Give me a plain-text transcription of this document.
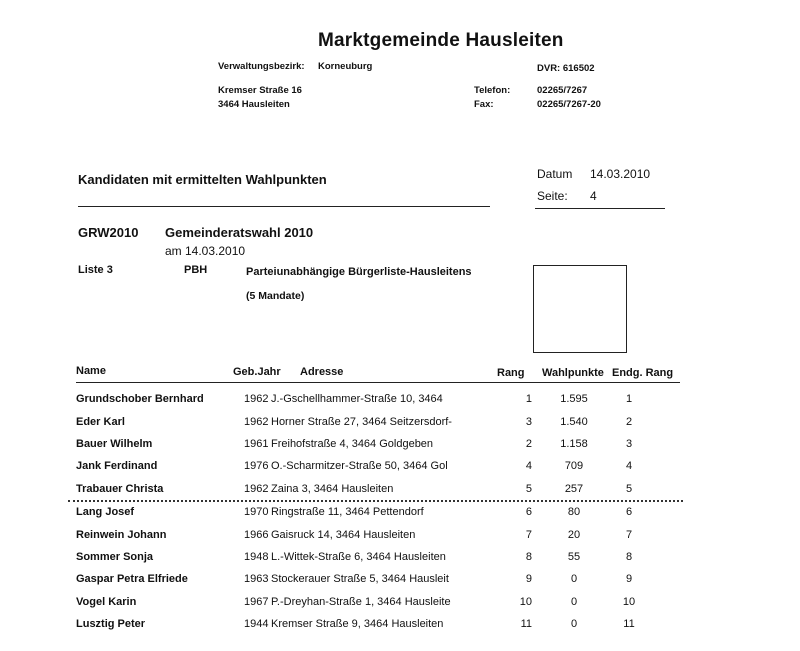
Marktgemeinde Hausleiten
Verwaltungsbezirk: Korneuburg	DVR: 616502
Kremser Straße 16
3464 Hausleiten
Telefon:	02265/7267
Fax:	02265/7267-20
Kandidaten mit ermittelten Wahlpunkten	Datum 14.03.2010
Seite: 4
GRW2010 Gemeinderatswahl 2010
am 14.03.2010
Liste 3	PBH	Parteiunabhängige Bürgerliste-Hausleitens
(5 Mandate)
Name	Geb.Jahr Adresse	Rang Wahlpunkte Endg. Rang
Grundschober Bernhard	1962 J.-Gschellhammer-Straße 10, 3464	1	1.595	1
Eder Karl	1962 Horner Straße 27, 3464 Seitzersdorf-	3	1.540	2
Bauer Wilhelm	1961 Freihofstraße 4, 3464 Goldgeben	2	1.158	3
Jank Ferdinand	1976 O.-Scharmitzer-Straße 50, 3464 Gol	4	709	4
Trabauer Christa	1962 Zaina 3, 3464 Hausleiten	5	257	5
Lang Josef	1970 Ringstraße 11, 3464 Pettendorf	6	80	6
Reinwein Johann	1966 Gaisruck 14, 3464 Hausleiten	7	20	7
Sommer Sonja	1948 L.-Wittek-Straße 6, 3464 Hausleiten	8	55	8
Gaspar Petra Elfriede	1963 Stockerauer Straße 5, 3464 Hausleit	9	0	9
Vogel Karin	1967 P.-Dreyhan-Straße 1, 3464 Hausleite	10	0	10
Lusztig Peter	1944 Kremser Straße 9, 3464 Hausleiten	11	0	11
